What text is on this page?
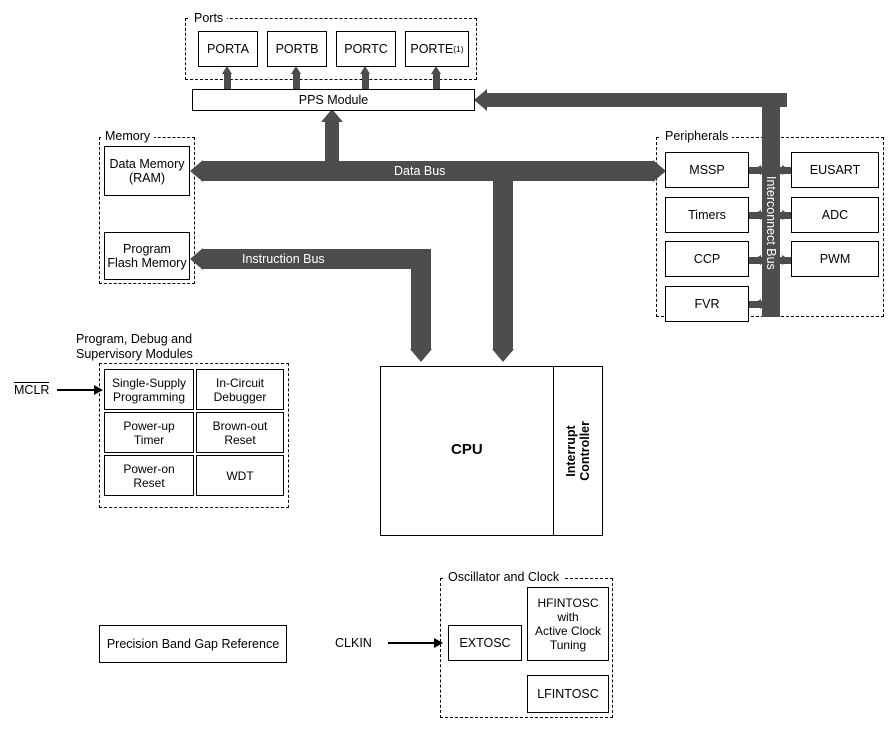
Ports
PORTA PORTB PORTC PORTE (1)
PPS Module
Memory
Data Memory
(RAM)
Program
Flash Memory
Data Bus
Instruction Bus
Peripherals
MSSP
Timers
CCP
FVR
EUSART
ADC
PWM
Interconnect Bus
Program, Debug and
Supervisory Modules
Single-Supply
Programming
In-Circuit
Debugger
Power-up
Timer
Brown-out
Reset
Power-on
Reset	WDT
MCLR
CPU	Interrupt
Controller
Oscillator and Clock
EXTOSC
HFINTOSC
with
Active Clock
Tuning
LFINTOSC
CLKIN
Precision Band Gap Reference
